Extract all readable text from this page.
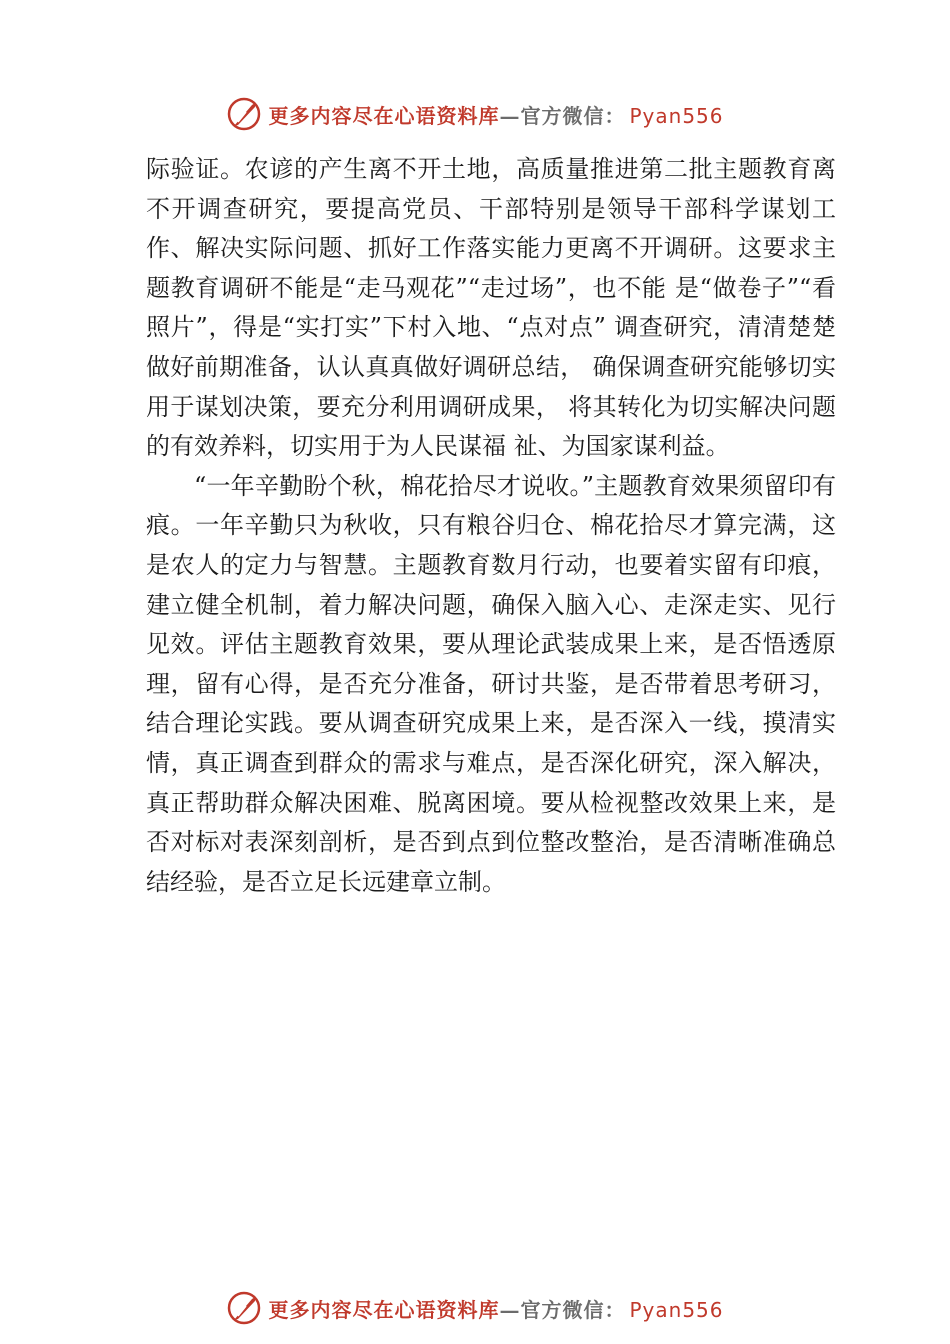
更多内容尽在心语资料库—官方微信： Pyan556

际验证。农谚的产生离不开土地，高质量推进第二批主题教育离不开调查研究，要提高党员、干部特别是领导干部科学谋划工作、解决实际问题、抓好工作落实能力更离不开调研。这要求主题教育调研不能是“走马观花”“走过场”，也不能 是“做卷子”“看照片”，得是“实打实”下村入地、“点对点” 调查研究，清清楚楚做好前期准备，认认真真做好调研总结， 确保调查研究能够切实用于谋划决策，要充分利用调研成果， 将其转化为切实解决问题的有效养料，切实用于为人民谋福 祉、为国家谋利益。

“一年辛勤盼个秋，棉花拾尽才说收。”主题教育效果须留印有痕。一年辛勤只为秋收，只有粮谷归仓、棉花拾尽才算完满，这是农人的定力与智慧。主题教育数月行动，也要着实留有印痕，建立健全机制，着力解决问题，确保入脑入心、走深走实、见行见效。评估主题教育效果，要从理论武装成果上来，是否悟透原理，留有心得，是否充分准备，研讨共鉴，是否带着思考研习，结合理论实践。要从调查研究成果上来，是否深入一线，摸清实情，真正调查到群众的需求与难点，是否深化研究，深入解决，真正帮助群众解决困难、脱离困境。要从检视整改效果上来，是否对标对表深刻剖析，是否到点到位整改整治，是否清晰准确总结经验，是否立足长远建章立制。

更多内容尽在心语资料库—官方微信： Pyan556
